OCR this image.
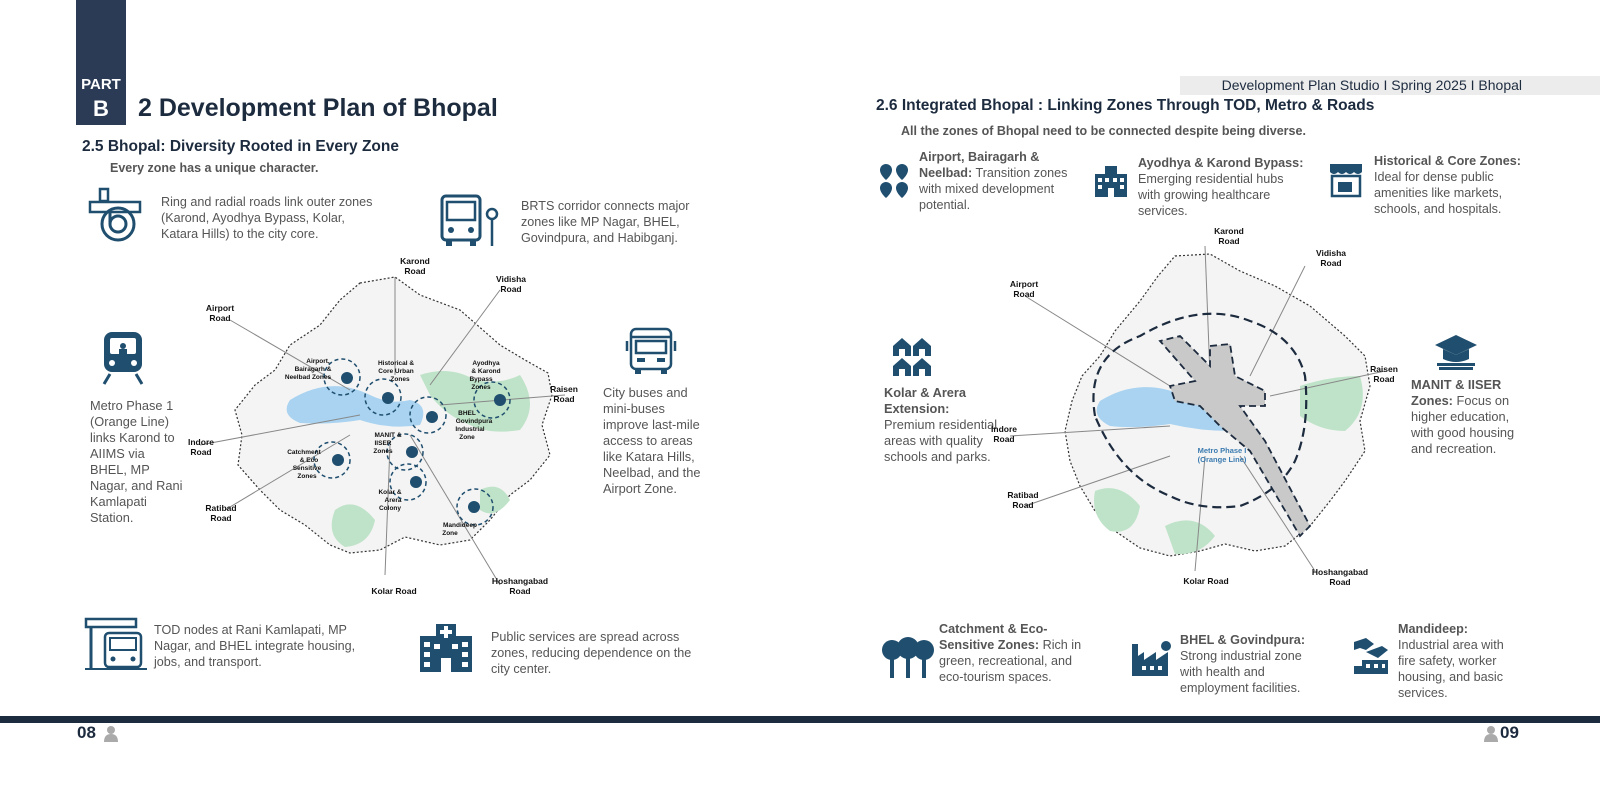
PART
B	2 Development Plan of Bhopal
Development Plan Studio I Spring 2025 I Bhopal
2.5 Bhopal: Diversity Rooted in Every Zone
Every zone has a unique character.
Ring and radial roads link outer zones (Karond, Ayodhya Bypass, Kolar, Katara Hills) to the city core.
BRTS corridor connects major zones like MP Nagar, BHEL, Govindpura, and Habibganj.
Metro Phase 1 (Orange Line) links Karond to AIIMS via BHEL, MP Nagar, and Rani Kamlapati Station.
City buses and mini-buses improve last-mile access to areas like Katara Hills, Neelbad, and the Airport Zone.
Karond
Road
Vidisha
Road
Airport
Road
Raisen
Road
Indore
Road
Ratibad
Road
Kolar Road
Hoshangabad
Road
Airport,
Bairagarh &
Neelbad Zones
Historical &
Core Urban
Zones
Ayodhya
& Karond
Bypass
Zones
BHEL
Govindpura
Industrial
Zone
MANIT &
IISER
Zones
Catchment
& Eco
Sensitive
Zones
Kolar &
Arera
Colony
Mandideep
Zone
TOD nodes at Rani Kamlapati, MP Nagar, and BHEL integrate housing, jobs, and transport.
Public services are spread across zones, reducing dependence on the city center.
2.6 Integrated Bhopal : Linking Zones Through TOD, Metro & Roads
All the zones of Bhopal need to be connected despite being diverse.
Airport, Bairagarh & Neelbad: Transition zones with mixed development potential.
Ayodhya & Karond Bypass: Emerging residential hubs with growing healthcare services.
Historical & Core Zones: Ideal for dense public amenities like markets, schools, and hospitals.
Kolar & Arera Extension: Premium residential areas with quality schools and parks.
MANIT & IISER Zones: Focus on higher education, with good housing and recreation.
Karond
Road
Vidisha
Road
Airport
Road
Raisen
Road
Indore
Road
Ratibad
Road
Kolar Road
Hoshangabad
Road
Metro Phase I
(Orange Line)
Catchment & Eco-Sensitive Zones: Rich in green, recreational, and eco-tourism spaces.
BHEL & Govindpura: Strong industrial zone with health and employment facilities.
Mandideep: Industrial area with fire safety, worker housing, and basic services.
08	09
